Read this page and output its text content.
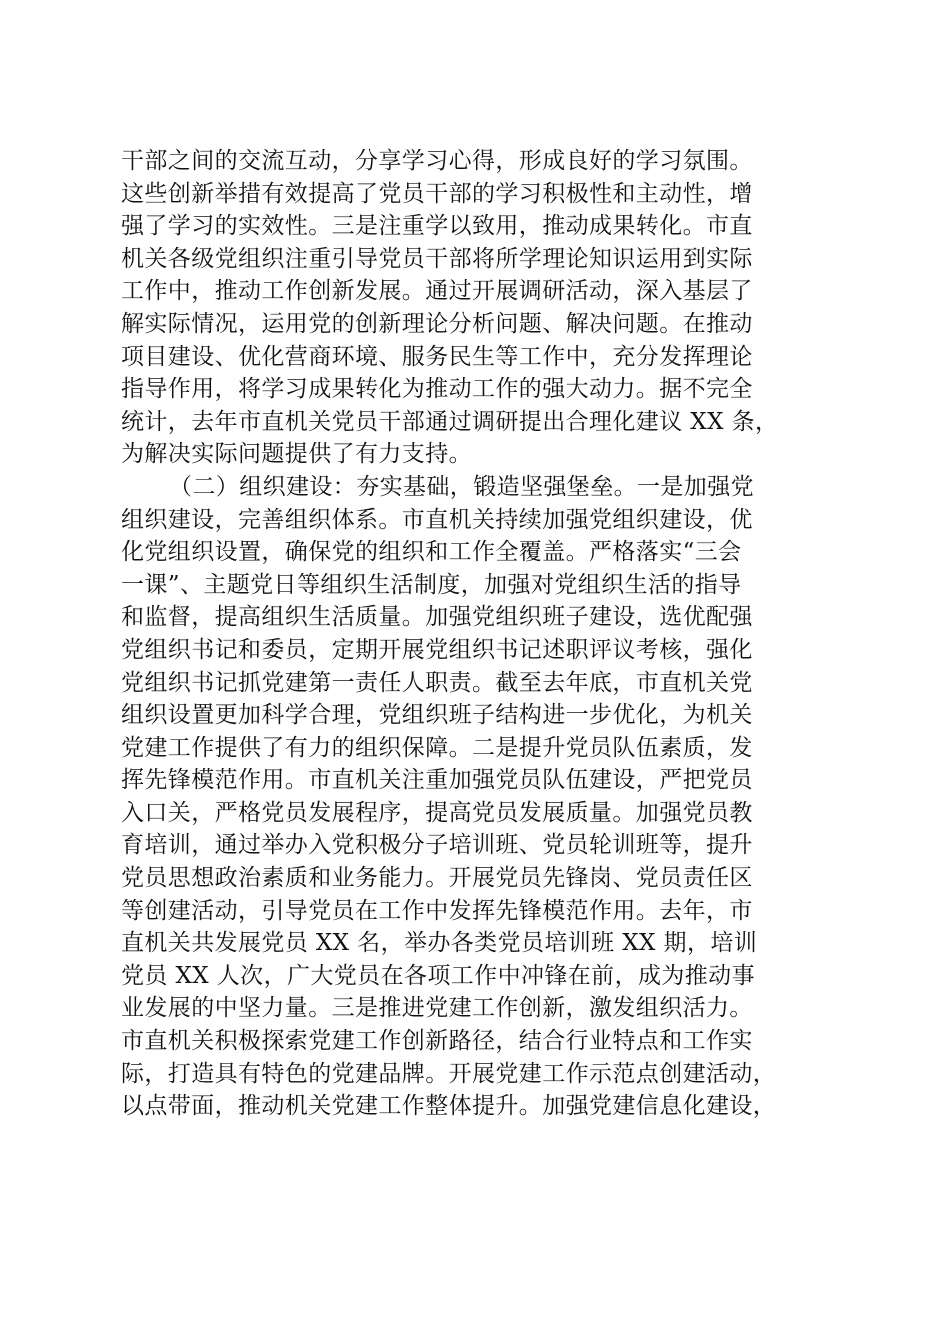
干部之间的交流互动，分享学习心得，形成良好的学习氛围。
这些创新举措有效提高了党员干部的学习积极性和主动性，增
强了学习的实效性。三是注重学以致用，推动成果转化。市直
机关各级党组织注重引导党员干部将所学理论知识运用到实际
工作中，推动工作创新发展。通过开展调研活动，深入基层了
解实际情况，运用党的创新理论分析问题、解决问题。在推动
项目建设、优化营商环境、服务民生等工作中，充分发挥理论
指导作用，将学习成果转化为推动工作的强大动力。据不完全
统计，去年市直机关党员干部通过调研提出合理化建议 XX 条，
为解决实际问题提供了有力支持。
（二）组织建设：夯实基础，锻造坚强堡垒。一是加强党
组织建设，完善组织体系。市直机关持续加强党组织建设，优
化党组织设置，确保党的组织和工作全覆盖。严格落实“三会
一课”、主题党日等组织生活制度，加强对党组织生活的指导
和监督，提高组织生活质量。加强党组织班子建设，选优配强
党组织书记和委员，定期开展党组织书记述职评议考核，强化
党组织书记抓党建第一责任人职责。截至去年底，市直机关党
组织设置更加科学合理，党组织班子结构进一步优化，为机关
党建工作提供了有力的组织保障。二是提升党员队伍素质，发
挥先锋模范作用。市直机关注重加强党员队伍建设，严把党员
入口关，严格党员发展程序，提高党员发展质量。加强党员教
育培训，通过举办入党积极分子培训班、党员轮训班等，提升
党员思想政治素质和业务能力。开展党员先锋岗、党员责任区
等创建活动，引导党员在工作中发挥先锋模范作用。去年，市
直机关共发展党员 XX 名，举办各类党员培训班 XX 期，培训
党员 XX 人次，广大党员在各项工作中冲锋在前，成为推动事
业发展的中坚力量。三是推进党建工作创新，激发组织活力。
市直机关积极探索党建工作创新路径，结合行业特点和工作实
际，打造具有特色的党建品牌。开展党建工作示范点创建活动，
以点带面，推动机关党建工作整体提升。加强党建信息化建设，
